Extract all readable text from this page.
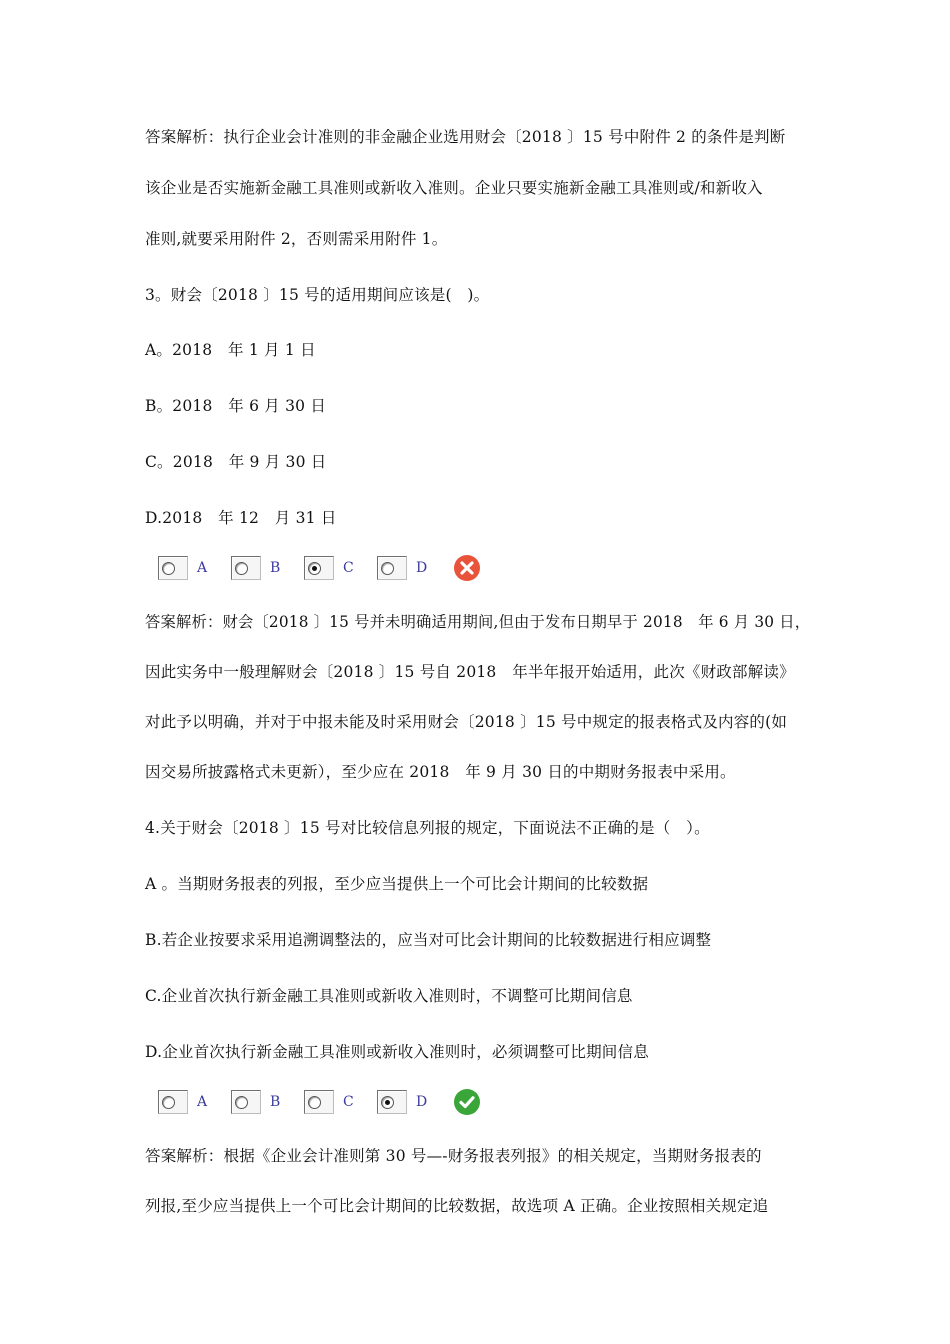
答案解析：执行企业会计准则的非金融企业选用财会〔2018 〕15 号中附件 2 的条件是判断
该企业是否实施新金融工具准则或新收入准则。企业只要实施新金融工具准则或/和新收入
准则,就要采用附件 2，否则需采用附件 1。
3。财会〔2018 〕15 号的适用期间应该是(　)。
A。2018　年 1 月 1 日
B。2018　年 6 月 30 日
C。2018　年 9 月 30 日
D.2018　年 12　月 31 日
A	B	C	D
答案解析：财会〔2018 〕15 号并未明确适用期间,但由于发布日期早于 2018　年 6 月 30 日，
因此实务中一般理解财会〔2018 〕15 号自 2018　年半年报开始适用，此次《财政部解读》
对此予以明确，并对于中报未能及时采用财会〔2018 〕15 号中规定的报表格式及内容的(如
因交易所披露格式未更新），至少应在 2018　年 9 月 30 日的中期财务报表中采用。
4.关于财会〔2018 〕15 号对比较信息列报的规定，下面说法不正确的是（　）。
A 。当期财务报表的列报，至少应当提供上一个可比会计期间的比较数据
B.若企业按要求采用追溯调整法的，应当对可比会计期间的比较数据进行相应调整
C.企业首次执行新金融工具准则或新收入准则时，不调整可比期间信息
D.企业首次执行新金融工具准则或新收入准则时，必须调整可比期间信息
A	B	C	D
答案解析：根据《企业会计准则第 30 号—-财务报表列报》的相关规定，当期财务报表的
列报,至少应当提供上一个可比会计期间的比较数据，故选项 A 正确。企业按照相关规定追
